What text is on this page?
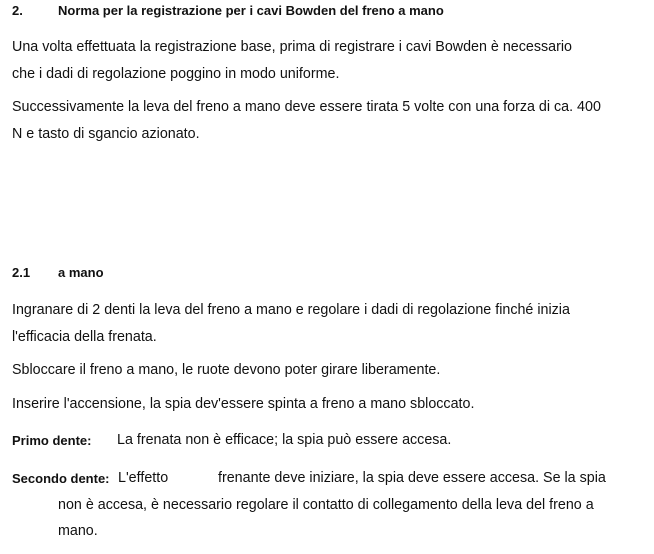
2.	Norma per la registrazione per i cavi Bowden del freno a mano
Una volta effettuata la registrazione base, prima di registrare i cavi Bowden è necessario
che i dadi di regolazione poggino in modo uniforme.
Successivamente la leva del freno a mano deve essere tirata 5 volte con una forza di ca. 400
N e tasto di sgancio azionato.
2.1 a mano
Ingranare di 2 denti la leva del freno a mano e regolare i dadi di regolazione finché inizia
l'efficacia della frenata.
Sbloccare il freno a mano, le ruote devono poter girare liberamente.
Inserire l'accensione, la spia dev'essere spinta a freno a mano sbloccato.
Primo dente: La frenata non è efficace; la spia può essere accesa.
Secondo dente: L'effetto	frenante deve iniziare, la spia deve essere accesa. Se la spia
non è accesa, è necessario regolare il contatto di collegamento della leva del freno a
mano.
